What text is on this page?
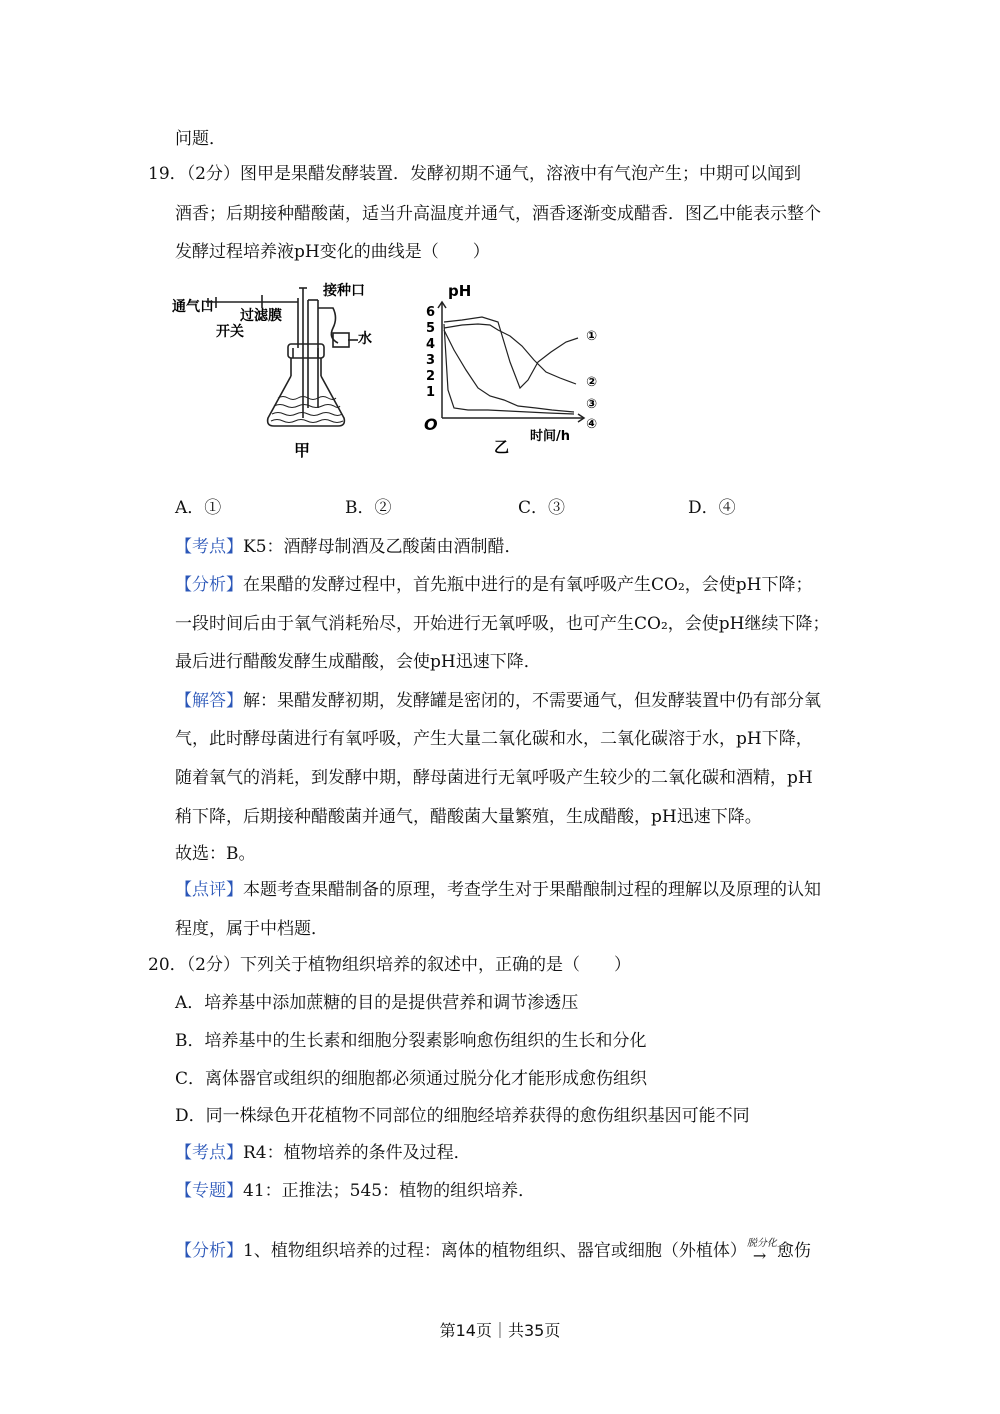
问题．
19．（2分）图甲是果醋发酵装置．发酵初期不通气，溶液中有气泡产生；中期可以闻到
酒香；后期接种醋酸菌，适当升高温度并通气，酒香逐渐变成醋香．图乙中能表示整个
发酵过程培养液pH变化的曲线是（　　）
通气口
过滤膜
开关
接种口
水
甲
pH
6
5
4
3
2
1
O
时间/h
乙
①
②
③
④
A．①	B．②	C．③	D．④
【考点】K5：酒酵母制酒及乙酸菌由酒制醋．
【分析】在果醋的发酵过程中，首先瓶中进行的是有氧呼吸产生CO₂，会使pH下降；
一段时间后由于氧气消耗殆尽，开始进行无氧呼吸，也可产生CO₂，会使pH继续下降；
最后进行醋酸发酵生成醋酸，会使pH迅速下降．
【解答】解：果醋发酵初期，发酵罐是密闭的，不需要通气，但发酵装置中仍有部分氧
气，此时酵母菌进行有氧呼吸，产生大量二氧化碳和水，二氧化碳溶于水，pH下降，
随着氧气的消耗，到发酵中期，酵母菌进行无氧呼吸产生较少的二氧化碳和酒精，pH
稍下降，后期接种醋酸菌并通气，醋酸菌大量繁殖，生成醋酸，pH迅速下降。
故选：B。
【点评】本题考查果醋制备的原理，考查学生对于果醋酿制过程的理解以及原理的认知
程度，属于中档题．
20．（2分）下列关于植物组织培养的叙述中，正确的是（　　）
A．培养基中添加蔗糖的目的是提供营养和调节渗透压
B．培养基中的生长素和细胞分裂素影响愈伤组织的生长和分化
C．离体器官或组织的细胞都必须通过脱分化才能形成愈伤组织
D．同一株绿色开花植物不同部位的细胞经培养获得的愈伤组织基因可能不同
【考点】R4：植物培养的条件及过程．
【专题】41：正推法；545：植物的组织培养．
【分析】1、植物组织培养的过程：离体的植物组织、器官或细胞（外植体） 脱分化
→ 愈伤
第14页｜共35页
